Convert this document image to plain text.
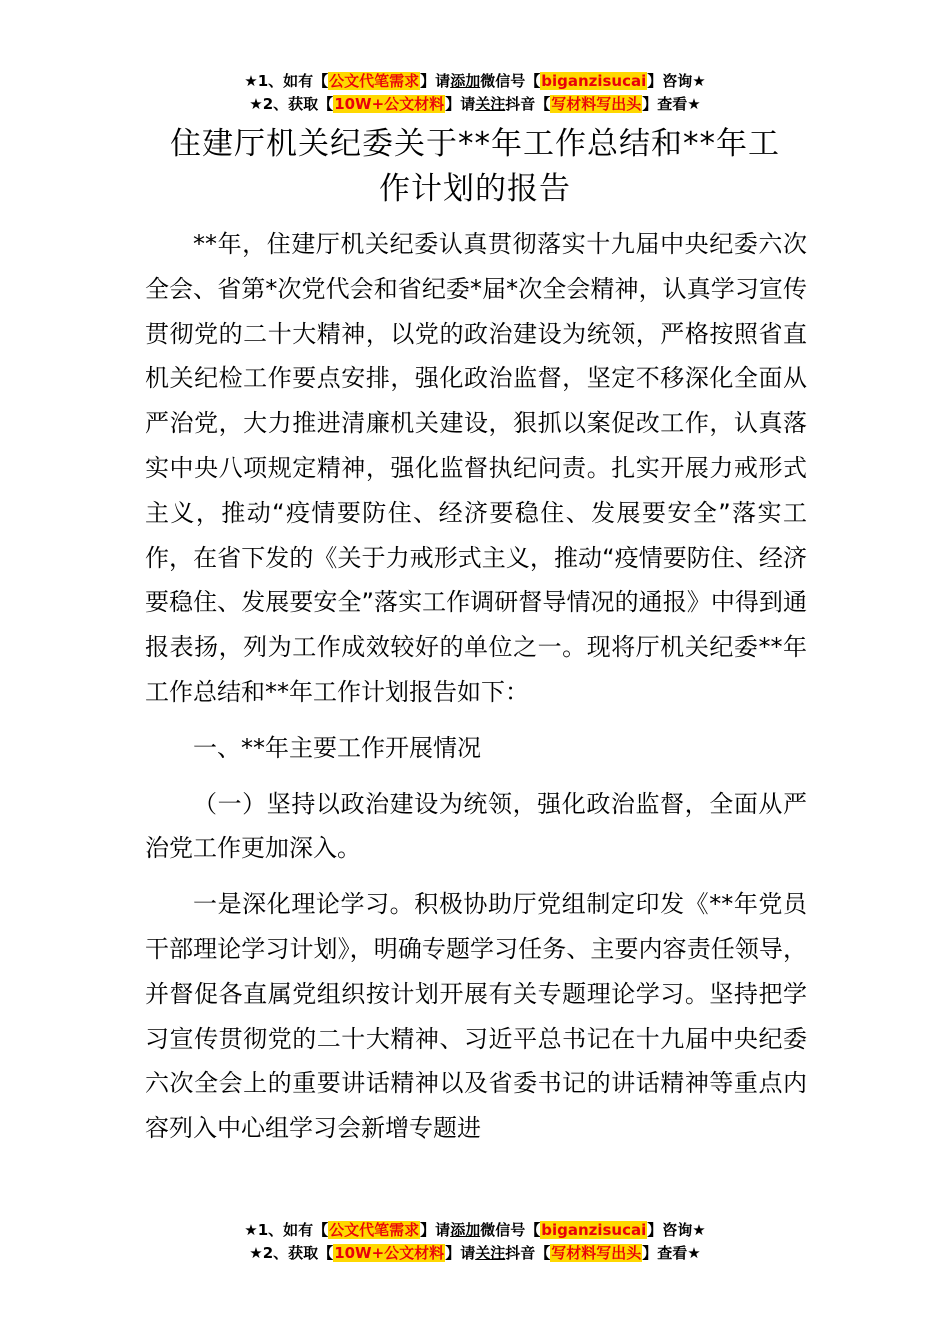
★1、如有【公文代笔需求】请添加微信号【biganzisucai】咨询★
★2、获取【10W+公文材料】请关注抖音【写材料写出头】查看★
住建厅机关纪委关于**年工作总结和**年工
作计划的报告

**年，住建厅机关纪委认真贯彻落实十九届中央纪委六次全会、省第*次党代会和省纪委*届*次全会精神，认真学习宣传贯彻党的二十大精神，以党的政治建设为统领，严格按照省直机关纪检工作要点安排，强化政治监督，坚定不移深化全面从严治党，大力推进清廉机关建设，狠抓以案促改工作，认真落实中央八项规定精神，强化监督执纪问责。扎实开展力戒形式主义，推动“疫情要防住、经济要稳住、发展要安全”落实工作，在省下发的《关于力戒形式主义，推动“疫情要防住、经济要稳住、发展要安全”落实工作调研督导情况的通报》中得到通报表扬，列为工作成效较好的单位之一。现将厅机关纪委**年工作总结和**年工作计划报告如下：

一、**年主要工作开展情况

（一）坚持以政治建设为统领，强化政治监督，全面从严治党工作更加深入。

一是深化理论学习。积极协助厅党组制定印发《**年党员干部理论学习计划》，明确专题学习任务、主要内容责任领导，并督促各直属党组织按计划开展有关专题理论学习。坚持把学习宣传贯彻党的二十大精神、习近平总书记在十九届中央纪委六次全会上的重要讲话精神以及省委书记的讲话精神等重点内容列入中心组学习会新增专题进

★1、如有【公文代笔需求】请添加微信号【biganzisucai】咨询★
★2、获取【10W+公文材料】请关注抖音【写材料写出头】查看★
